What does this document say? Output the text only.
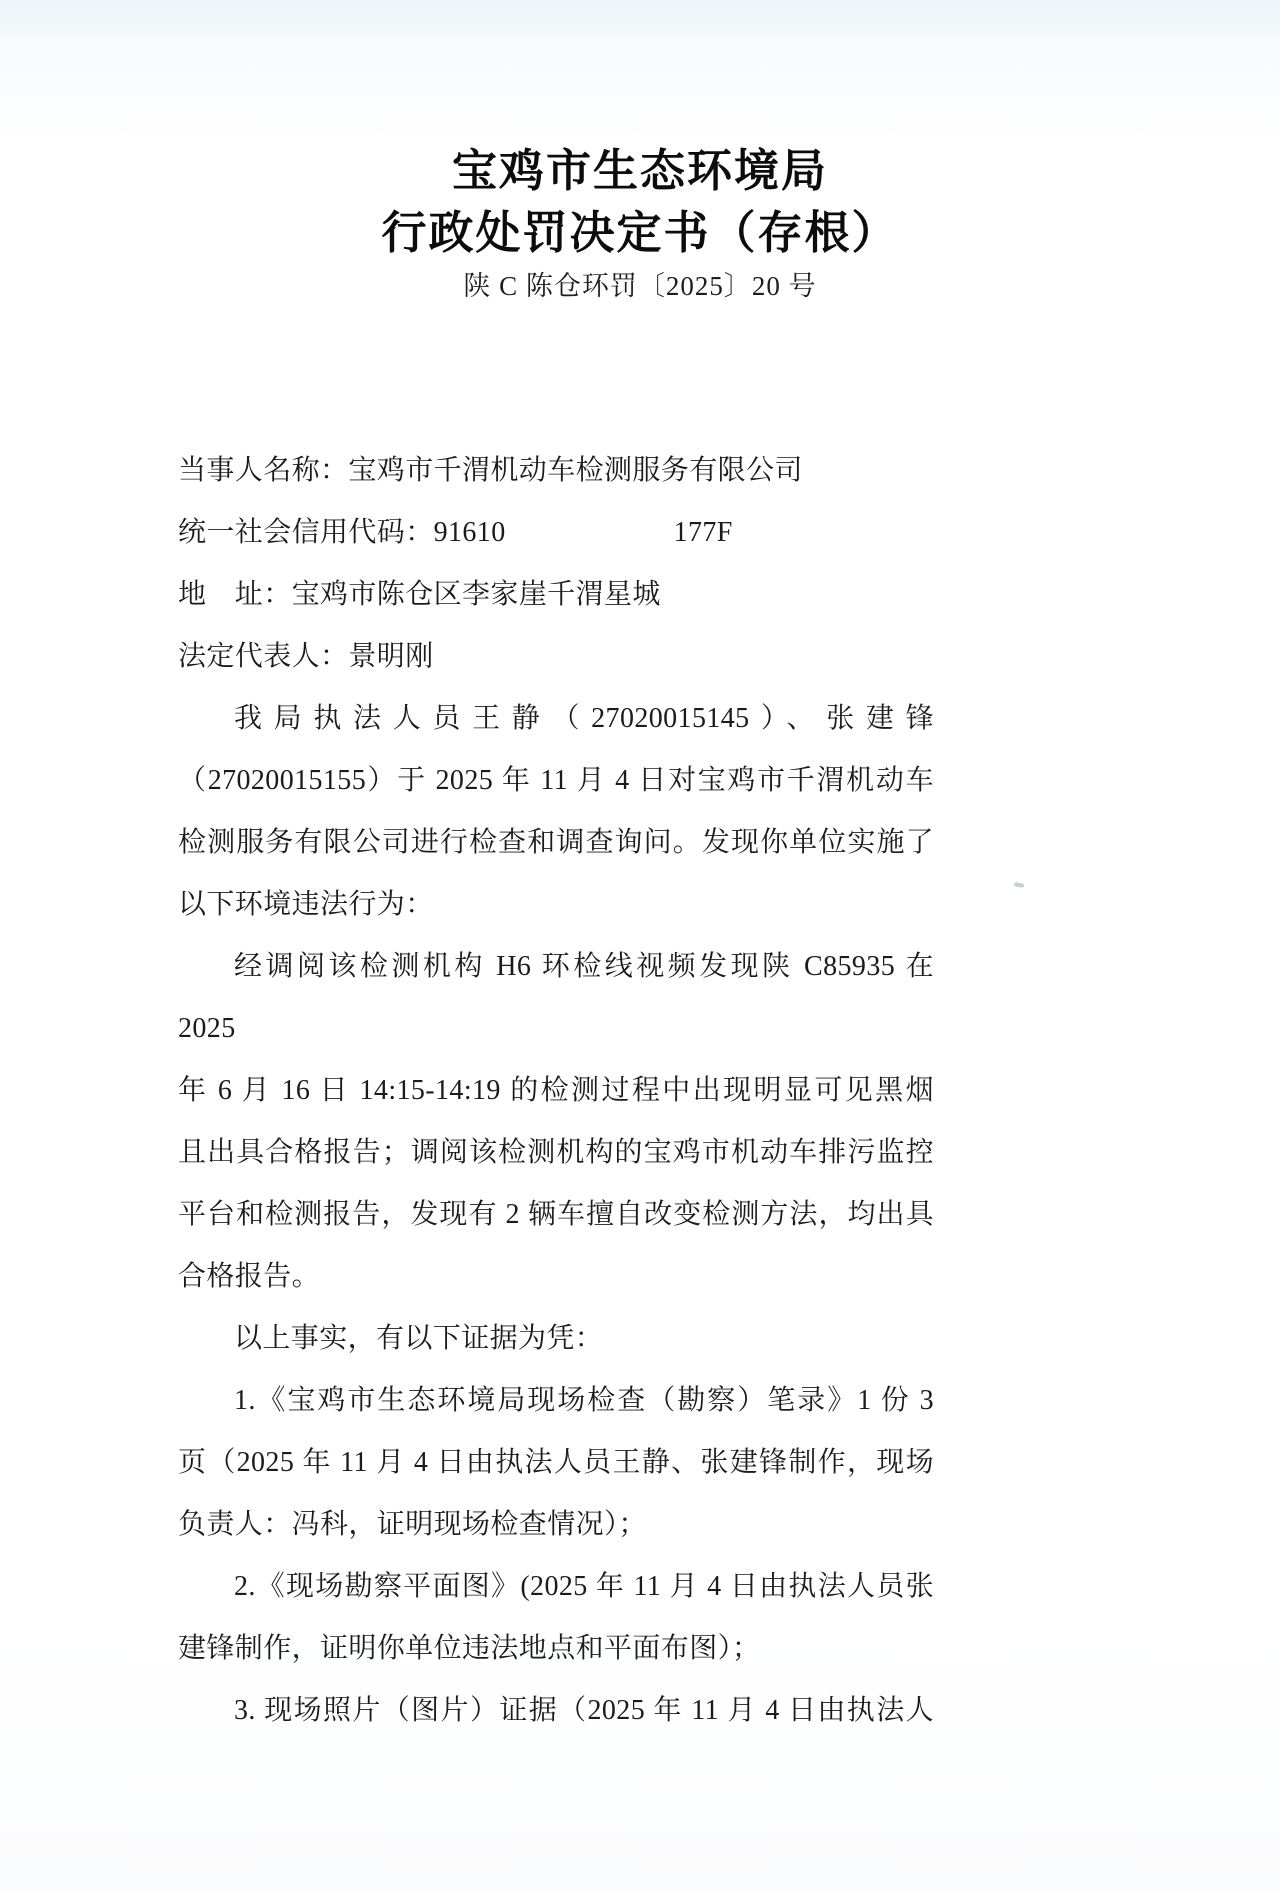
宝鸡市生态环境局
行政处罚决定书（存根）
陕 C 陈仓环罚〔2025〕20 号
当事人名称：宝鸡市千渭机动车检测服务有限公司
统一社会信用代码：91610	177F
地　址：宝鸡市陈仓区李家崖千渭星城
法定代表人：景明刚
我局执法人员王静（27020015145）、张建锋
（27020015155）于 2025 年 11 月 4 日对宝鸡市千渭机动车
检测服务有限公司进行检查和调查询问。发现你单位实施了
以下环境违法行为：
经调阅该检测机构 H6 环检线视频发现陕 C85935 在 2025
年 6 月 16 日 14:15-14:19 的检测过程中出现明显可见黑烟
且出具合格报告；调阅该检测机构的宝鸡市机动车排污监控
平台和检测报告，发现有 2 辆车擅自改变检测方法，均出具
合格报告。
以上事实，有以下证据为凭：
1.《宝鸡市生态环境局现场检查（勘察）笔录》1 份 3
页（2025 年 11 月 4 日由执法人员王静、张建锋制作，现场
负责人：冯科，证明现场检查情况）；
2.《现场勘察平面图》(2025 年 11 月 4 日由执法人员张
建锋制作，证明你单位违法地点和平面布图）；
3. 现场照片（图片）证据（2025 年 11 月 4 日由执法人
